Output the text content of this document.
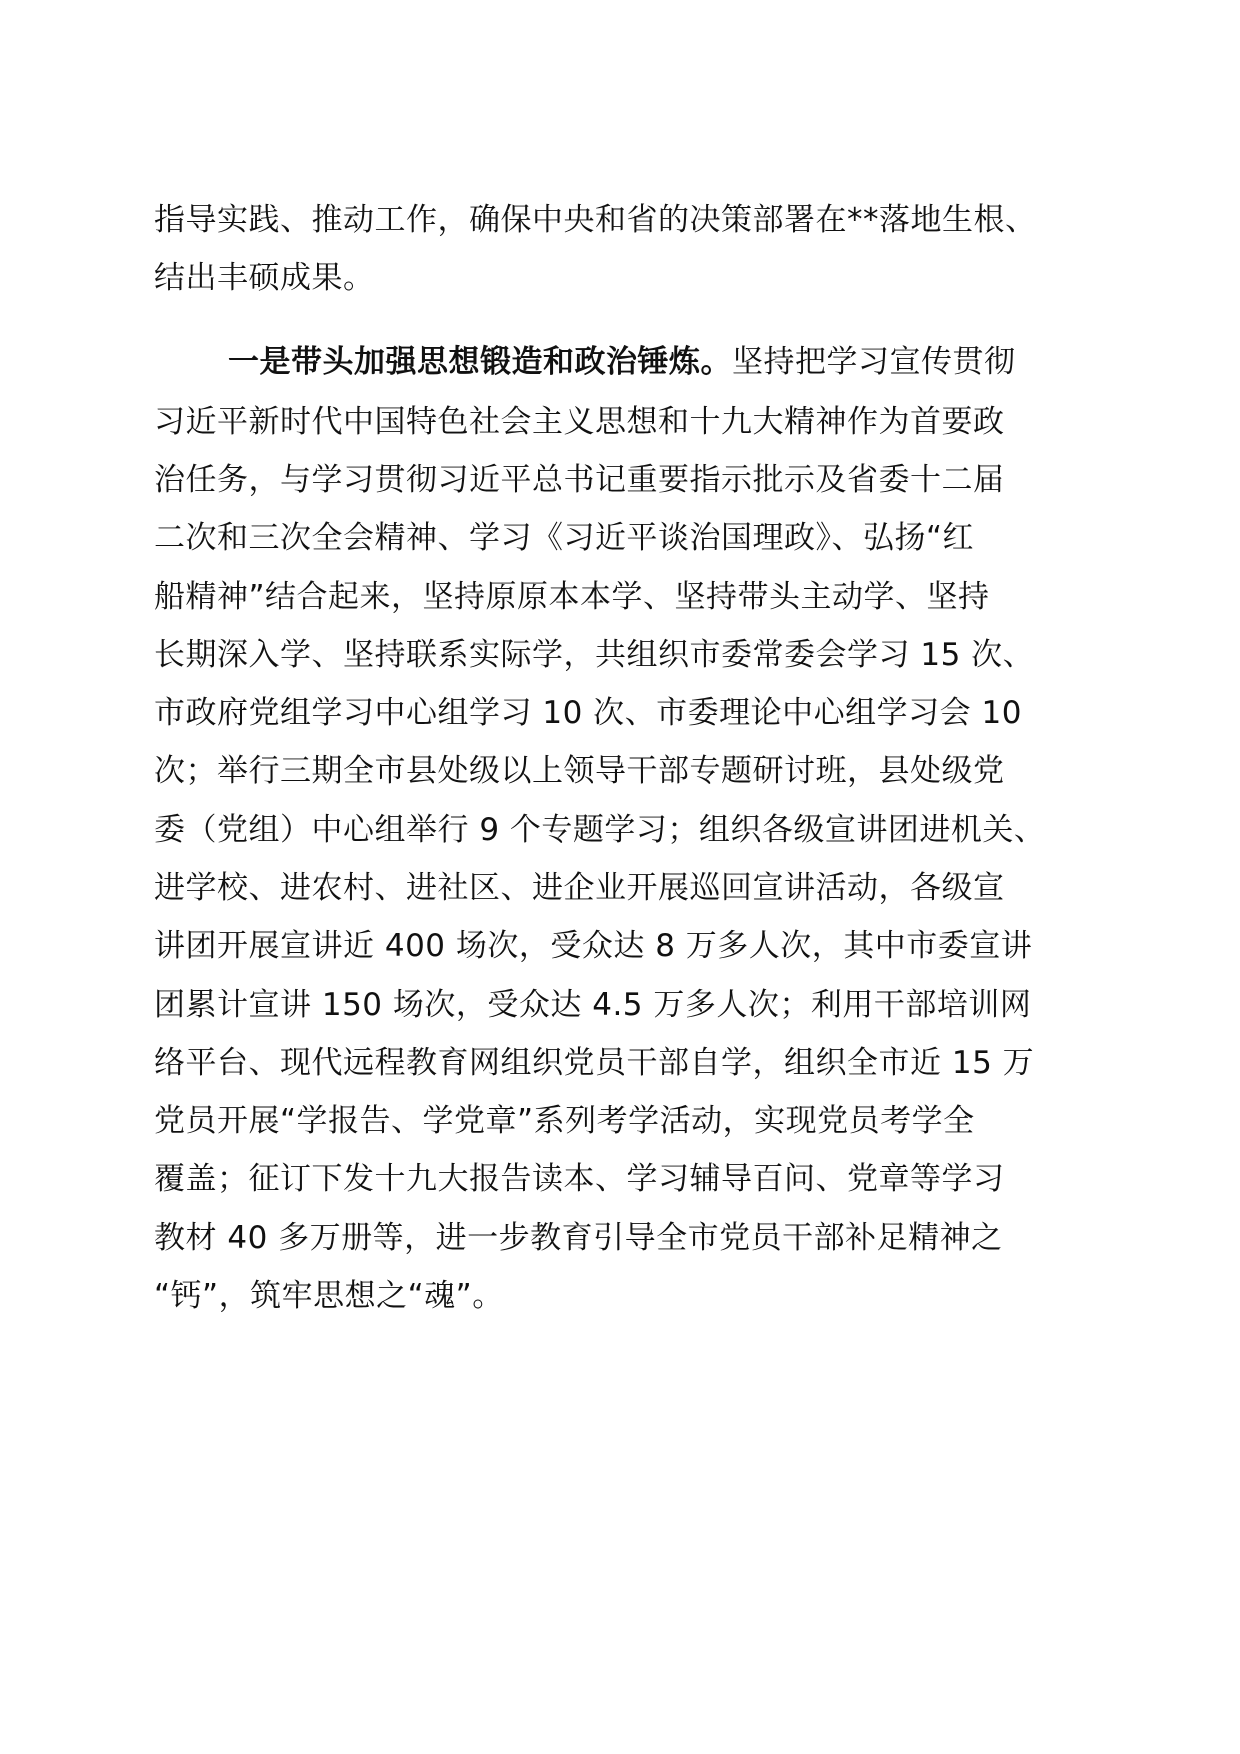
指导实践、推动工作，确保中央和省的决策部署在**落地生根、
结出丰硕成果。
一是带头加强思想锻造和政治锤炼。坚持把学习宣传贯彻
习近平新时代中国特色社会主义思想和十九大精神作为首要政
治任务，与学习贯彻习近平总书记重要指示批示及省委十二届
二次和三次全会精神、学习《习近平谈治国理政》、弘扬“红
船精神”结合起来，坚持原原本本学、坚持带头主动学、坚持
长期深入学、坚持联系实际学，共组织市委常委会学习 15 次、
市政府党组学习中心组学习 10 次、市委理论中心组学习会 10
次；举行三期全市县处级以上领导干部专题研讨班，县处级党
委（党组）中心组举行 9 个专题学习；组织各级宣讲团进机关、
进学校、进农村、进社区、进企业开展巡回宣讲活动，各级宣
讲团开展宣讲近 400 场次，受众达 8 万多人次，其中市委宣讲
团累计宣讲 150 场次，受众达 4.5 万多人次；利用干部培训网
络平台、现代远程教育网组织党员干部自学，组织全市近 15 万
党员开展“学报告、学党章”系列考学活动，实现党员考学全
覆盖；征订下发十九大报告读本、学习辅导百问、党章等学习
教材 40 多万册等，进一步教育引导全市党员干部补足精神之
“钙”，筑牢思想之“魂”。
